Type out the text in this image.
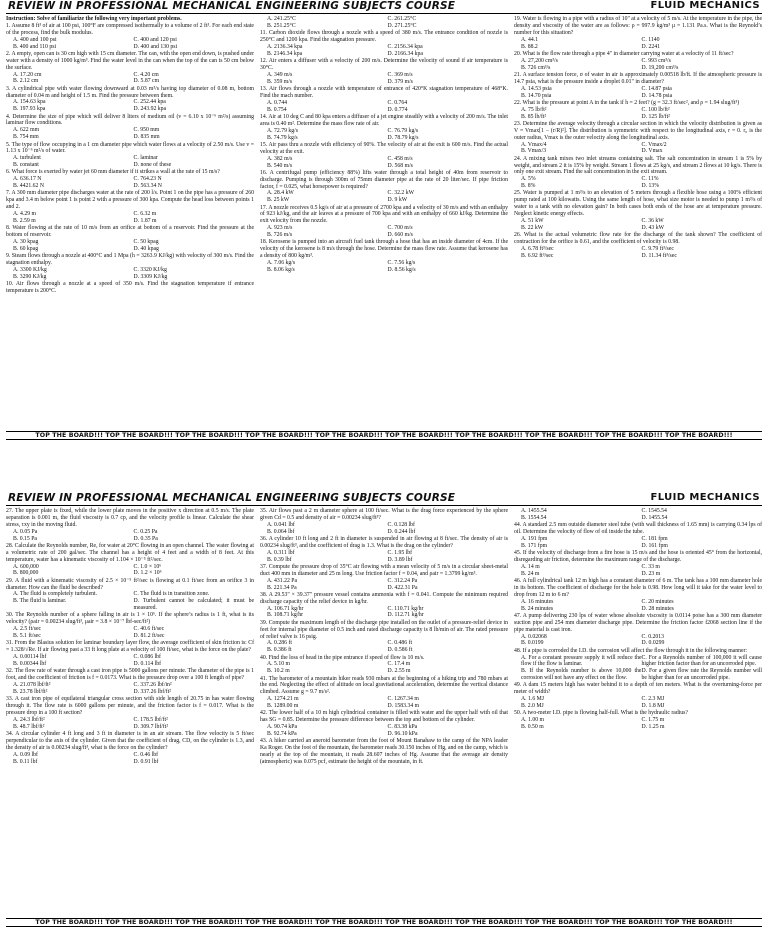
REVIEW IN PROFESSIONAL MECHANICAL ENGINEERING SUBJECTS COURSE	FLUID MECHANICS
Instruction: Solve of familiarize the following very important problems.
1. Assume 8 ft³ of air at 100 psi, 100°F are compressed isothermally to a volume of 2 ft³. For each end state of the process, find the bulk modulus.
A. 400 and 100 psi	C. 400 and 120 psi
B. 400 and 110 psi	D. 400 and 130 psi
2. A empty, open can is 30 cm high with 15 cm diameter. The can, with the open end down, is pushed under water with a density of 1000 kg/m³. Find the water level in the can when the top of the can is 50 cm below the surface.
A. 17.20 cm	C. 4.20 cm
B. 2.12 cm	D. 5.87 cm
3. A cylindrical pipe with water flowing downward at 0.03 m³/s having top diameter of 0.08 m, bottom diameter of 0.04 m and height of 1.5 m. Find the pressure between them.
A. 154.63 kpa	C. 252.44 kpa
B. 197.93 kpa	D. 243.92 kpa
4. Determine the size of pipe which will deliver 8 liters of medium oil (v = 6.10 x 10⁻⁶ m²/s) assuming laminar flow conditions.
A. 622 mm	C. 950 mm
B. 754 mm	D. 835 mm
5. The type of flow occupying in a 1 cm diameter pipe which water flows at a velocity of 2.50 m/s. Use v = 1.13 x 10⁻⁶ m²/s of water.
A. turbulent	C. laminar
B. constant	D. none of these
6. What force is exerted by water jet 60 mm diameter if it strikes a wall at the rate of 15 m/s?
A. 636.17 N	C. 764.23 N
B. 4421.62 N	D. 563.34 N
7. A 300 mm diameter pipe discharges water at the rate of 200 l/s. Point 1 on the pipe has a pressure of 260 kpa and 3.4 m below point 1 is point 2 with a pressure of 300 kpa. Compute the head loss between points 1 and 2.
A. 4.29 m	C. 6.32 m
B. 2.59 m	D. 1.87 m
8. Water flowing at the rate of 10 m/s from an orifice at bottom of a reservoir. Find the pressure at the bottom of reservoir.
A. 30 kpag	C. 50 kpag
B. 60 kpag	D. 40 kpag
9. Steam flows through a nozzle at 400°C and 1 Mpa (h = 3263.9 KJ/kg) with velocity of 300 m/s. Find the stagnation enthalpy.
A. 3300 KJ/kg	C. 3320 KJ/kg
B. 3290 KJ/kg	D. 3309 KJ/kg
10. Air flows through a nozzle at a speed of 350 m/s. Find the stagnation temperature if entrance temperature is 200°C.
A. 241.25°C	C. 261.25°C
B. 251.25°C	D. 271.25°C
11. Carbon dioxide flows through a nozzle with a speed of 380 m/s. The entrance condition of nozzle is 250°C and 1200 kpa. Find the stagnation pressure.
A. 2136.34 kpa	C. 2156.34 kpa
B. 2146.34 kpa	D. 2166.34 kpa
12. Air enters a diffuser with a velocity of 200 m/s. Determine the velocity of sound if air temperature is 30°C.
A. 349 m/s	C. 369 m/s
B. 359 m/s	D. 379 m/s
13. Air flows through a nozzle with temperature of entrance of 420°K stagnation temperature of 468°K. Find the mach number.
A. 0.744	C. 0.764
B. 0.754	D. 0.774
14. Air at 10 deg C and 80 kpa enters a diffuser of a jet engine steadily with a velocity of 200 m/s. The inlet area is 0.40 m². Determine the mass flow rate of air.
A. 72.79 kg/s	C. 76.79 kg/s
B. 74.79 kg/s	D. 78.79 kg/s
15. Air pass thru a nozzle with efficiency of 90%. The velocity of air at the exit is 600 m/s. Find the actual velocity at the exit.
A. 382 m/s	C. 458 m/s
B. 540 m/s	D. 568 m/s
16. A centrifugal pump (efficiency 88%) lifts water through a total height of 40m from reservoir to discharge. Pumping is through 300m of 75mm diameter pipe at the rate of 20 liter/sec. If pipe friction factor, f = 0.025, what horsepower is required?
A. 28.4 kW	C. 32.2 kW
B. 25 kW	D. 9 kW
17. A nozzle receives 0.5 kg/s of air at a pressure of 2700 kpa and a velocity of 30 m/s and with an enthalpy of 923 kJ/kg, and the air leaves at a pressure of 700 kpa and with an enthalpy of 660 kJ/kg. Determine the exit velocity from the nozzle.
A. 923 m/s	C. 700 m/s
B. 726 m/s	D. 660 m/s
18. Kerosene is pumped into an aircraft fuel tank through a hose that has an inside diameter of 4cm. If the velocity of the kerosene is 8 m/s through the hose. Determine the mass flow rate. Assume that kerosene has a density of 800 kg/m³.
A. 7.06 kg/s	C. 7.56 kg/s
B. 8.06 kg/s	D. 8.56 kg/s
19. Water is flowing in a pipe with a radius of 10" at a velocity of 5 m/s. At the temperature in the pipe, the density and viscosity of the water are as follows: ρ = 997.9 kg/m³ μ = 1.131 Pa.s. What is the Reynold’s number for this situation?
A. 44.1	C. 1140
B. 88.2	D. 2241
20. What is the flow rate through a pipe 4" in diameter carrying water at a velocity of 11 ft/sec?
A. 27,200 cm³/s	C. 993 cm³/s
B. 726 cm³/s	D. 19,200 cm³/s
21. A surface tension force, σ of water in air is approximately 0.00518 lb/ft. If the atmospheric pressure is 14.7 psia, what is the pressure inside a droplet 0.01" in diameter?
A. 14.53 psia	C. 14.87 psia
B. 14.70 psia	D. 14.78 psia
22. What is the pressure at point A in the tank if h = 2 feet? (g = 32.3 ft/sec², and ρ = 1.94 slug/ft³)
A. 75 lb/ft²	C. 100 lb/ft²
B. 85 lb/ft²	D. 125 lb/ft²
23. Determine the average velocity through a circular section in which the velocity distribution is given as V = Vmax[1 − (r/R)²]. The distribution is symmetric with respect to the longitudinal axis, r = 0. r₀ is the outer radius, Vmax is the outer velocity along the longitudinal axis.
A. Vmax/4	C. Vmax/2
B. Vmax/3	D. Vmax
24. A mixing tank mixes two inlet streams containing salt. The salt concentration in stream 1 is 5% by weight, and stream 2 it is 15% by weight. Stream 1 flows at 25 kg/s, and stream 2 flows at 10 kg/s. There is only one exit stream. Find the salt concentration in the exit stream.
A. 5%	C. 11%
B. 8%	D. 13%
25. Water is pumped at 1 m³/s to an elevation of 5 meters through a flexible hose using a 100% efficient pump rated at 100 kilowatts. Using the same length of hose, what size motor is needed to pump 1 m³/s of water to a tank with no elevation gain? In both cases both ends of the hose are at temperature pressure. Neglect kinetic energy effects.
A. 51 kW	C. 36 kW
B. 22 kW	D. 43 kW
26. What is the actual volumetric flow rate for the discharge of the tank shown? The coefficient of contraction for the orifice is 0.61, and the coefficient of velocity is 0.98.
A. 6.78 ft³/sec	C. 9.79 ft³/sec
B. 6.92 ft³/sec	D. 11.34 ft³/sec
TOP THE BOARD!!! TOP THE BOARD!!! TOP THE BOARD!!! TOP THE BOARD!!! TOP THE BOARD!!! TOP THE BOARD!!! TOP THE BOARD!!! TOP THE BOARD!!! TOP THE BOARD!!! TOP THE BOARD!!!
REVIEW IN PROFESSIONAL MECHANICAL ENGINEERING SUBJECTS COURSE	FLUID MECHANICS
27. The upper plate is fixed, while the lower plate moves in the positive x direction at 0.5 m/s. The plate separation is 0.001 m, the fluid viscosity is 0.7 cp, and the velocity profile is linear. Calculate the shear stress, τxy in the moving fluid.
A. 0.05 Pa	C. 0.25 Pa
B. 0.15 Pa	D. 0.35 Pa
28. Calculate the Reynolds number, Re, for water at 20°C flowing in an open channel. The water flowing at a volumetric rate of 200 gal/sec. The channel has a height of 4 feet and a width of 8 feet. At this temperature, water has a kinematic viscosity of 1.104 × 10⁻⁵ ft²/sec.
A. 600,000	C. 1.0 × 10⁶
B. 800,000	D. 1.2 × 10⁶
29. A fluid with a kinematic viscosity of 2.5 × 10⁻⁵ ft²/sec is flowing at 0.1 ft/sec from an orifice 3 in diameter. How can the fluid be described?
A. The fluid is completely turbulent.	C. The fluid is in transition zone.
B. The fluid is laminar.	D. Turbulent cannot be calculated; it must be measured.
30. The Reynolds number of a sphere falling in air is 1 × 10⁶. If the sphere’s radius is 1 ft, what is its velocity? (ρair = 0.00234 slug/ft³, μair = 3.8 × 10⁻⁷ lbf-sec/ft²)
A. 2.5 ft/sec	C. 40.6 ft/sec
B. 5.1 ft/sec	D. 81.2 ft/sec
31. From the Blasius solution for laminar boundary layer flow, the average coefficient of skin friction is: Cf = 1.328/√Re. If air flowing past a 33 ft long plate at a velocity of 100 ft/sec, what is the force on the plate?
A. 0.00114 lbf	C. 0.086 lbf
B. 0.00344 lbf	D. 0.114 lbf
32. The flow rate of water through a cast iron pipe is 5000 gallons per minute. The diameter of the pipe is 1 foot, and the coefficient of friction is f = 0.0173. What is the pressure drop over a 100 ft length of pipe?
A. 21.078 lbf/ft²	C. 337.26 lbf/in²
B. 23.78 lbf/ft²	D. 337.26 lbf/ft²
33. A cast iron pipe of equilateral triangular cross section with side length of 20.75 in has water flowing through it. The flow rate is 6000 gallons per minute, and the friction factor is f = 0.017. What is the pressure drop in a 100 ft section?
A. 24.3 lbf/ft²	C. 178.5 lbf/ft²
B. 48.7 lbf/ft²	D. 309.7 lbf/ft²
34. A circular cylinder 4 ft long and 3 ft in diameter is in an air stream. The flow velocity is 5 ft/sec perpendicular to the axis of the cylinder. Given that the coefficient of drag, CD, on the cylinder is 1.3, and the density of air is 0.00234 slug/ft³, what is the force on the cylinder?
A. 0.09 lbf	C. 0.46 lbf
B. 0.11 lbf	D. 0.91 lbf
35. Air flows past a 2 m diameter sphere at 100 ft/sec. What is the drag force experienced by the sphere given Cd = 0.5 and density of air = 0.00234 slug/ft³?
A. 0.041 lbf	C. 0.128 lbf
B. 0.064 lbf	D. 0.244 lbf
36. A cylinder 10 ft long and 2 ft in diameter is suspended in air flowing at 8 ft/sec. The density of air is 0.00234 slug/ft³, and the coefficient of drag is 1.3. What is the drag on the cylinder?
A. 0.311 lbf	C. 1.95 lbf
B. 0.39 lbf	D. 3.89 lbf
37. Compute the pressure drop of 35°C air flowing with a mean velocity of 5 m/s in a circular sheet-metal duct 400 mm in diameter and 25 m long. Use friction factor f = 0.04, and ρair = 1.3799 kg/m³.
A. 431.22 Pa	C. 312.24 Pa
B. 221.34 Pa	D. 422.31 Pa
38. A 29.53" × 39.37" pressure vessel contains ammonia with f = 0.041. Compute the minimum required discharge capacity of the relief device in kg/hr.
A. 106.71 kg/hr	C. 110.71 kg/hr
B. 108.71 kg/hr	D. 112.71 kg/hr
39. Compute the maximum length of the discharge pipe installed on the outlet of a pressure-relief device in feet for internal pipe diameter of 0.5 inch and rated discharge capacity is 8 lb/min of air. The rated pressure of relief valve is 16 psig.
A. 0.286 ft	C. 0.486 ft
B. 0.386 ft	D. 0.586 ft
40. Find the loss of head in the pipe entrance if speed of flow is 10 m/s.
A. 5.10 m	C. 17.4 m
B. 10.2 m	D. 2.55 m
41. The barometer of a mountain hiker reads 930 mbars at the beginning of a hiking trip and 780 mbars at the end. Neglecting the effect of altitude on local gravitational acceleration, determine the vertical distance climbed. Assume g = 9.7 m/s².
A. 1274.21 m	C. 1267.34 m
B. 1289.00 m	D. 1583.34 m
42. The lower half of a 10 m high cylindrical container is filled with water and the upper half with oil that has SG = 0.85. Determine the pressure difference between the top and bottom of the cylinder.
A. 90.74 kPa	C. 83.38 kPa
B. 92.74 kPa	D. 96.10 kPa
43. A hiker carried an aneroid barometer from the foot of Mount Banahaw to the camp of the NPA leader Ka Roger. On the foot of the mountain, the barometer reads 30.150 inches of Hg, and on the camp, which is nearly at the top of the mountain, it reads 28.607 inches of Hg. Assume that the average air density (atmospheric) was 0.075 pcf, estimate the height of the mountain, in ft.
A. 1455.54	C. 1545.54
B. 1554.54	D. 1455.54
44. A standard 2.5 mm outside diameter steel tube (with wall thickness of 1.65 mm) is carrying 0.34 lps of oil. Determine the velocity of flow of oil inside the tube.
A. 191 fpm	C. 181 fpm
B. 171 fpm	D. 161 fpm
45. If the velocity of discharge from a fire hose is 15 m/s and the hose is oriented 45° from the horizontal, disregarding air friction, determine the maximum range of the discharge.
A. 14 m	C. 33 m
B. 24 m	D. 23 m
46. A full cylindrical tank 12 m high has a constant diameter of 6 m. The tank has a 100 mm diameter hole in its bottom. The coefficient of discharge for the hole is 0.98. How long will it take for the water level to drop from 12 m to 6 m?
A. 16 minutes	C. 20 minutes
B. 24 minutes	D. 28 minutes
47. A pump delivering 230 lps of water whose absolute viscosity is 0.0114 poise has a 300 mm diameter suction pipe and 254 mm diameter discharge pipe. Determine the friction factor f2068 section line if the pipe material is cast iron.
A. 0.02068	C. 0.2013
B. 0.0199	D. 0.0299
48. If a pipe is corroded the I.D. the corrosion will affect the flow through it in the following manner:
A. For a constant pressure supply it will reduce the flow if the flow is laminar.
C. For a Reynolds number of 100,000 it will cause higher friction factor than for an uncorroded pipe.
B. If the Reynolds number is above 10,000 the corrosion will not have any effect on the flow.
D. For a given flow rate the Reynolds number will be higher than for an uncorroded pipe.
49. A dam 15 meters high has water behind it to a depth of ten meters. What is the overturning-force per meter of width?
A. 1.6 MJ	C. 2.3 MJ
B. 2.0 MJ	D. 1.8 MJ
50. A two-meter I.D. pipe is flowing half-full. What is the hydraulic radius?
A. 1.00 m	C. 1.75 m
B. 0.50 m	D. 1.25 m
TOP THE BOARD!!! TOP THE BOARD!!! TOP THE BOARD!!! TOP THE BOARD!!! TOP THE BOARD!!! TOP THE BOARD!!! TOP THE BOARD!!! TOP THE BOARD!!! TOP THE BOARD!!! TOP THE BOARD!!!
